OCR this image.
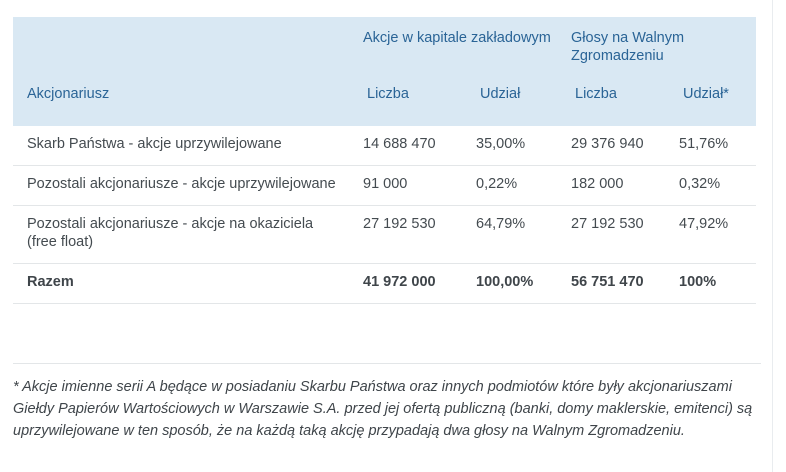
	Akcje w kapitale zakładowym		Głosy na Walnym Zgromadzeniu	
Akcjonariusz	Liczba	Udział	Liczba	Udział*
Skarb Państwa - akcje uprzywilejowane	14 688 470	35,00%	29 376 940	51,76%
Pozostali akcjonariusze - akcje uprzywilejowane	91 000	0,22%	182 000	0,32%
Pozostali akcjonariusze - akcje na okaziciela (free float)	27 192 530	64,79%	27 192 530	47,92%
Razem	41 972 000	100,00%	56 751 470	100%

* Akcje imienne serii A będące w posiadaniu Skarbu Państwa oraz innych podmiotów które były akcjonariuszami Giełdy Papierów Wartościowych w Warszawie S.A. przed jej ofertą publiczną (banki, domy maklerskie, emitenci) są uprzywilejowane w ten sposób, że na każdą taką akcję przypadają dwa głosy na Walnym Zgromadzeniu.
